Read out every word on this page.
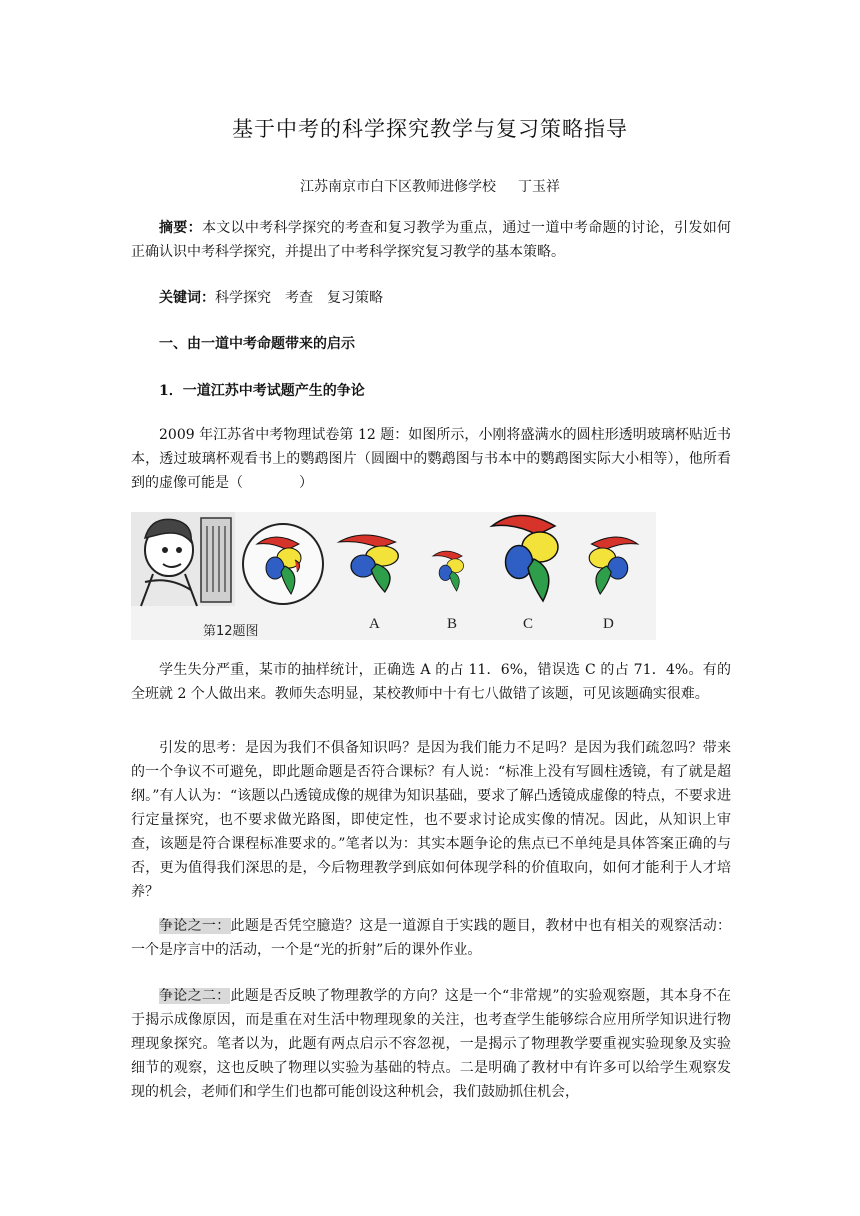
基于中考的科学探究教学与复习策略指导
江苏南京市白下区教师进修学校 丁玉祥

摘要：本文以中考科学探究的考查和复习教学为重点，通过一道中考命题的讨论，引发如何正确认识中考科学探究，并提出了中考科学探究复习教学的基本策略。

关键词：科学探究　考查　复习策略

一、由一道中考命题带来的启示

1．一道江苏中考试题产生的争论

2009 年江苏省中考物理试卷第 12 题：如图所示，小刚将盛满水的圆柱形透明玻璃杯贴近书本，透过玻璃杯观看书上的鹦鹉图片（圆圈中的鹦鹉图与书本中的鹦鹉图实际大小相等），他所看到的虚像可能是（　　　　）

第12题图	A	B	C	D

学生失分严重，某市的抽样统计，正确选 A 的占 11．6%，错误选 C 的占 71．4%。有的全班就 2 个人做出来。教师失态明显，某校教师中十有七八做错了该题，可见该题确实很难。

引发的思考：是因为我们不俱备知识吗？是因为我们能力不足吗？是因为我们疏忽吗？带来的一个争议不可避免，即此题命题是否符合课标？有人说：“标准上没有写圆柱透镜，有了就是超纲。”有人认为：“该题以凸透镜成像的规律为知识基础，要求了解凸透镜成虚像的特点，不要求进行定量探究，也不要求做光路图，即使定性，也不要求讨论成实像的情况。因此，从知识上审查，该题是符合课程标准要求的。”笔者以为：其实本题争论的焦点已不单纯是具体答案正确的与否，更为值得我们深思的是，今后物理教学到底如何体现学科的价值取向，如何才能利于人才培养？

争论之一：此题是否凭空臆造？这是一道源自于实践的题目，教材中也有相关的观察活动：一个是序言中的活动，一个是“光的折射”后的课外作业。

争论之二：此题是否反映了物理教学的方向？这是一个“非常规”的实验观察题，其本身不在于揭示成像原因，而是重在对生活中物理现象的关注，也考查学生能够综合应用所学知识进行物理现象探究。笔者以为，此题有两点启示不容忽视，一是揭示了物理教学要重视实验现象及实验细节的观察，这也反映了物理以实验为基础的特点。二是明确了教材中有许多可以给学生观察发现的机会，老师们和学生们也都可能创设这种机会，我们鼓励抓住机会，
